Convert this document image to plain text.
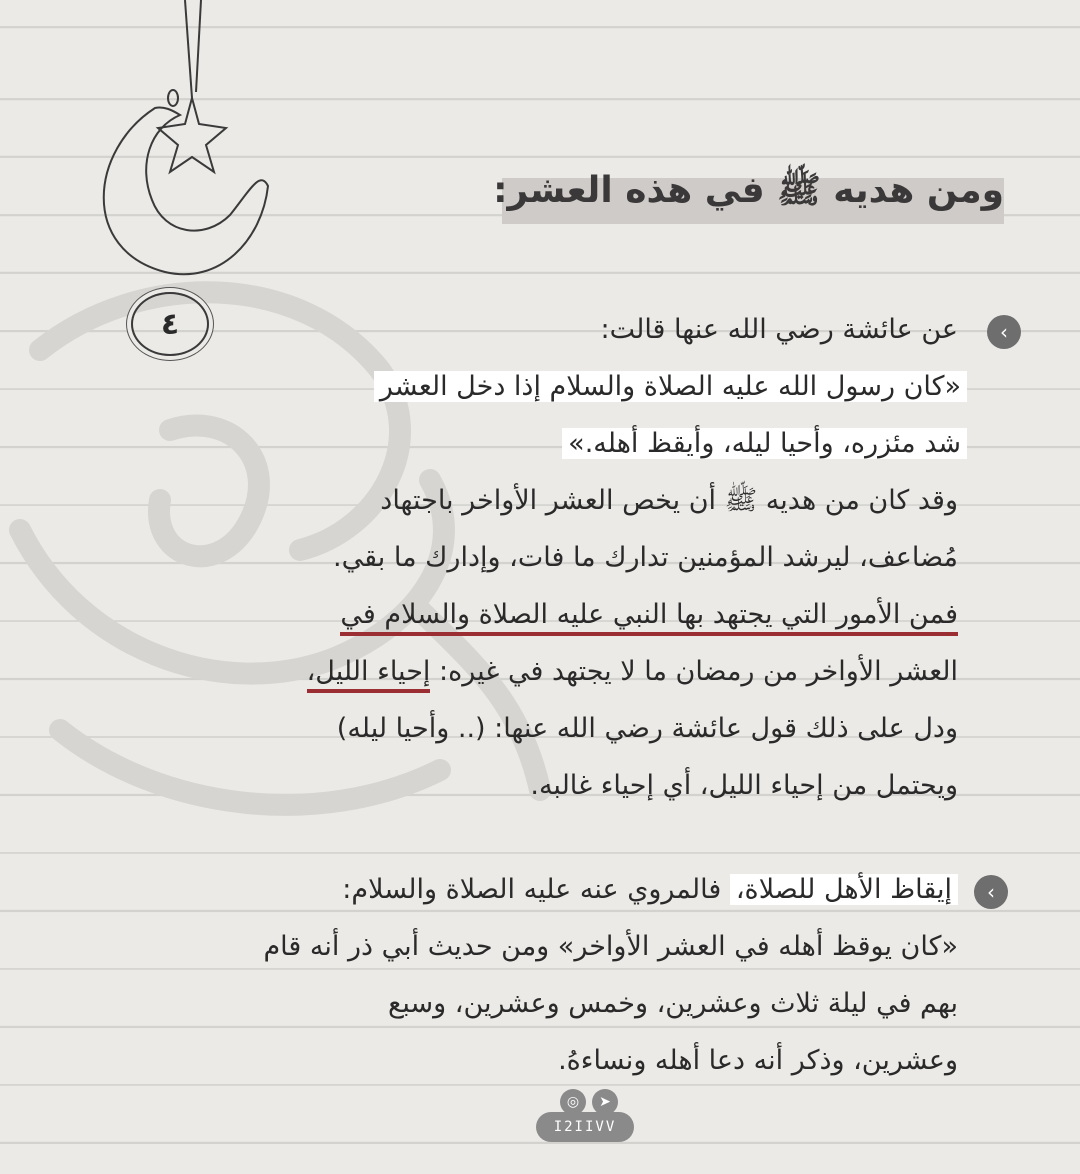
ومن هديه ﷺ في هذه العشر:
٤	‹
عن عائشة رضي الله عنها قالت:
«كان رسول الله عليه الصلاة والسلام إذا دخل العشر
شد مئزره، وأحيا ليله، وأيقظ أهله.»
وقد كان من هديه ﷺ أن يخص العشر الأواخر باجتهاد
مُضاعف، ليرشد المؤمنين تدارك ما فات، وإدارك ما بقي.
فمن الأمور التي يجتهد بها النبي عليه الصلاة والسلام في
العشر الأواخر من رمضان ما لا يجتهد في غيره: إحياء الليل،
ودل على ذلك قول عائشة رضي الله عنها: (.. وأحيا ليله)
ويحتمل من إحياء الليل، أي إحياء غالبه.
‹
إيقاظ الأهل للصلاة، فالمروي عنه عليه الصلاة والسلام:
«كان يوقظ أهله في العشر الأواخر» ومن حديث أبي ذر أنه قام
بهم في ليلة ثلاث وعشرين، وخمس وعشرين، وسبع
وعشرين، وذكر أنه دعا أهله ونساءهُ.
◎	➤
I2IIVV
